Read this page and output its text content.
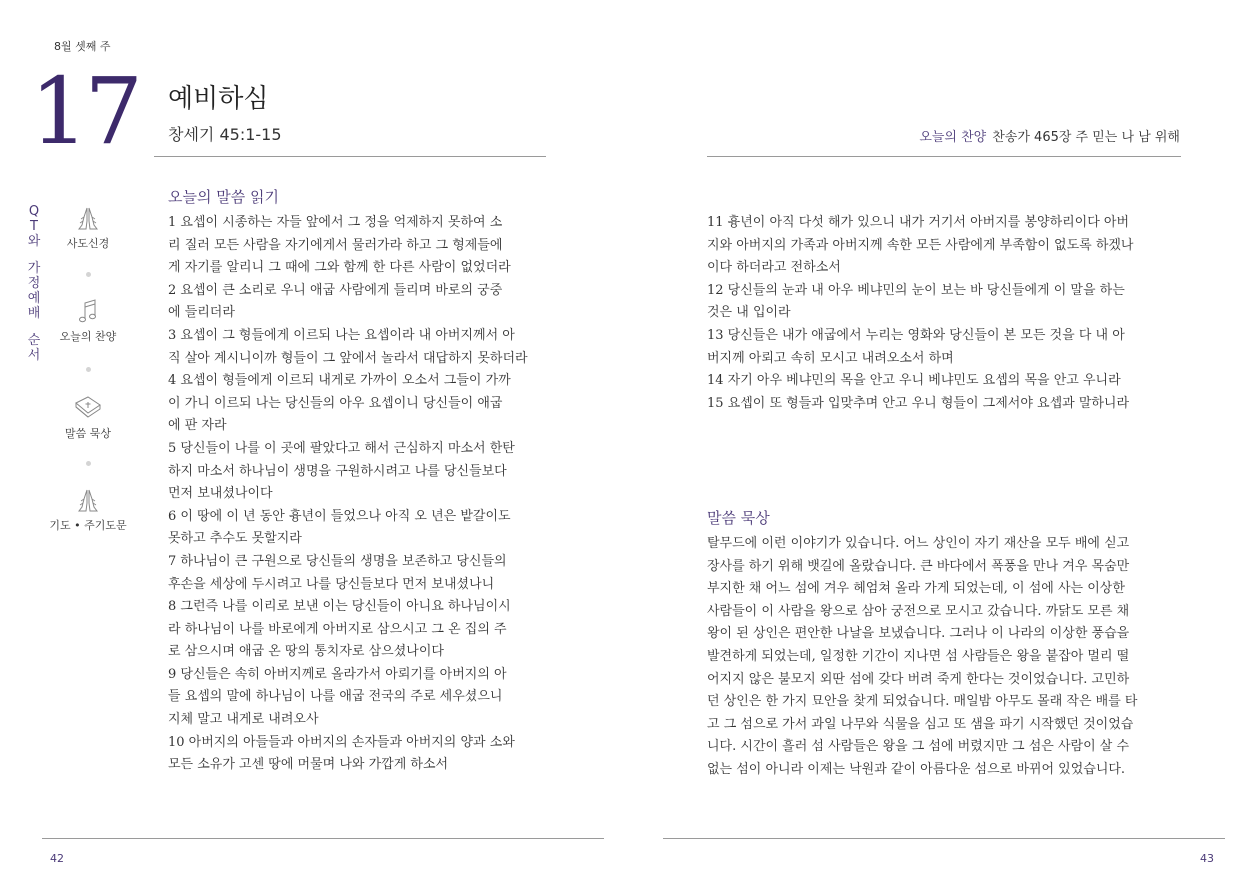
8월 셋째 주
17 예비하심
창세기 45:1-15	오늘의 찬양 찬송가 465장 주 믿는 나 남 위해
Q
T
와
가
정
예
배
순
서
사도신경
오늘의 찬양
말씀 묵상
기도 • 주기도문
오늘의 말씀 읽기

1 요셉이 시종하는 자들 앞에서 그 정을 억제하지 못하여 소

리 질러 모든 사람을 자기에게서 물러가라 하고 그 형제들에

게 자기를 알리니 그 때에 그와 함께 한 다른 사람이 없었더라

2 요셉이 큰 소리로 우니 애굽 사람에게 들리며 바로의 궁중

에 들리더라

3 요셉이 그 형들에게 이르되 나는 요셉이라 내 아버지께서 아

직 살아 계시니이까 형들이 그 앞에서 놀라서 대답하지 못하더라

4 요셉이 형들에게 이르되 내게로 가까이 오소서 그들이 가까

이 가니 이르되 나는 당신들의 아우 요셉이니 당신들이 애굽

에 판 자라

5 당신들이 나를 이 곳에 팔았다고 해서 근심하지 마소서 한탄

하지 마소서 하나님이 생명을 구원하시려고 나를 당신들보다

먼저 보내셨나이다

6 이 땅에 이 년 동안 흉년이 들었으나 아직 오 년은 밭갈이도

못하고 추수도 못할지라

7 하나님이 큰 구원으로 당신들의 생명을 보존하고 당신들의

후손을 세상에 두시려고 나를 당신들보다 먼저 보내셨나니

8 그런즉 나를 이리로 보낸 이는 당신들이 아니요 하나님이시

라 하나님이 나를 바로에게 아버지로 삼으시고 그 온 집의 주

로 삼으시며 애굽 온 땅의 통치자로 삼으셨나이다

9 당신들은 속히 아버지께로 올라가서 아뢰기를 아버지의 아

들 요셉의 말에 하나님이 나를 애굽 전국의 주로 세우셨으니

지체 말고 내게로 내려오사

10 아버지의 아들들과 아버지의 손자들과 아버지의 양과 소와

모든 소유가 고센 땅에 머물며 나와 가깝게 하소서

11 흉년이 아직 다섯 해가 있으니 내가 거기서 아버지를 봉양하리이다 아버

지와 아버지의 가족과 아버지께 속한 모든 사람에게 부족함이 없도록 하겠나

이다 하더라고 전하소서

12 당신들의 눈과 내 아우 베냐민의 눈이 보는 바 당신들에게 이 말을 하는

것은 내 입이라

13 당신들은 내가 애굽에서 누리는 영화와 당신들이 본 모든 것을 다 내 아

버지께 아뢰고 속히 모시고 내려오소서 하며

14 자기 아우 베냐민의 목을 안고 우니 베냐민도 요셉의 목을 안고 우니라

15 요셉이 또 형들과 입맞추며 안고 우니 형들이 그제서야 요셉과 말하니라

말씀 묵상

탈무드에 이런 이야기가 있습니다. 어느 상인이 자기 재산을 모두 배에 싣고

장사를 하기 위해 뱃길에 올랐습니다. 큰 바다에서 폭풍을 만나 겨우 목숨만

부지한 채 어느 섬에 겨우 헤엄쳐 올라 가게 되었는데, 이 섬에 사는 이상한

사람들이 이 사람을 왕으로 삼아 궁전으로 모시고 갔습니다. 까닭도 모른 채

왕이 된 상인은 편안한 나날을 보냈습니다. 그러나 이 나라의 이상한 풍습을

발견하게 되었는데, 일정한 기간이 지나면 섬 사람들은 왕을 붙잡아 멀리 떨

어지지 않은 불모지 외딴 섬에 갖다 버려 죽게 한다는 것이었습니다. 고민하

던 상인은 한 가지 묘안을 찾게 되었습니다. 매일밤 아무도 몰래 작은 배를 타

고 그 섬으로 가서 과일 나무와 식물을 심고 또 샘을 파기 시작했던 것이었습

니다. 시간이 흘러 섬 사람들은 왕을 그 섬에 버렸지만 그 섬은 사람이 살 수

없는 섬이 아니라 이제는 낙원과 같이 아름다운 섬으로 바뀌어 있었습니다.

42	43
